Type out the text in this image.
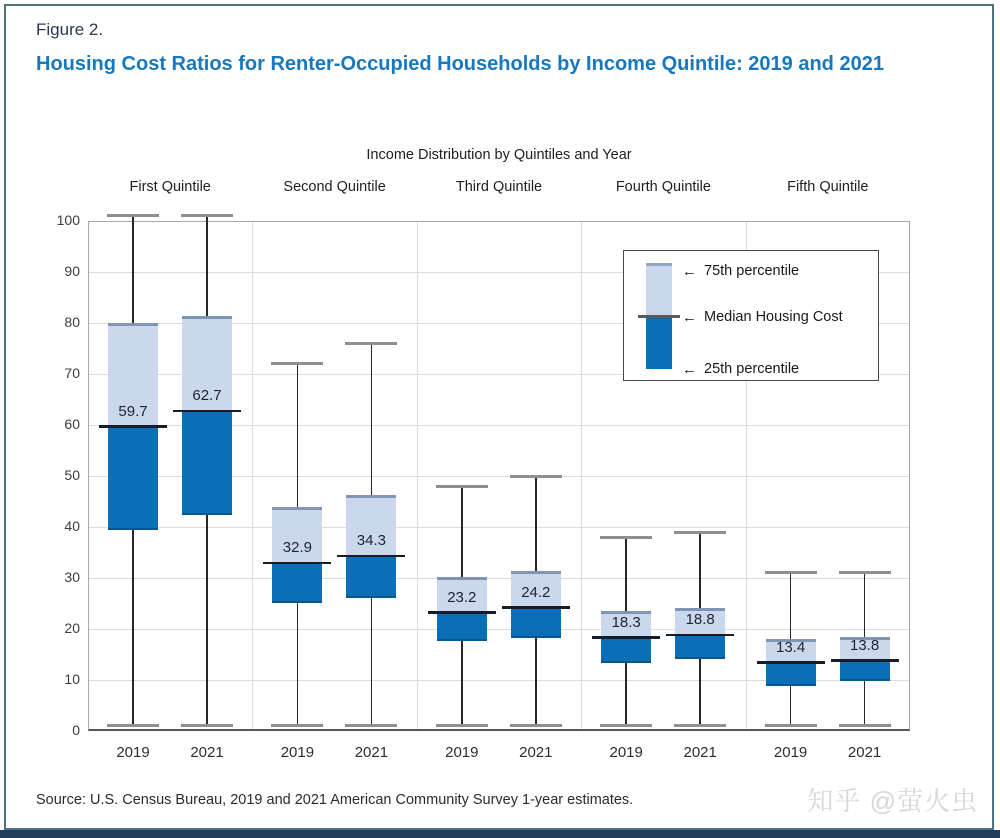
Figure 2.
Housing Cost Ratios for Renter-Occupied Households by Income Quintile: 2019 and 2021
Income Distribution by Quintiles and Year
← 75th percentile
← Median Housing Cost
← 25th percentile
0
10
20
30
40
50
60
70
80
90
100
First Quintile	Second Quintile	Third Quintile	Fourth Quintile	Fifth Quintile
59.7
2019
62.7
2021
32.9
2019
34.3
2021
23.2
2019
24.2
2021
18.3
2019
18.8
2021
13.4
2019
13.8
2021
Source: U.S. Census Bureau, 2019 and 2021 American Community Survey 1-year estimates.	知乎 @萤火虫
